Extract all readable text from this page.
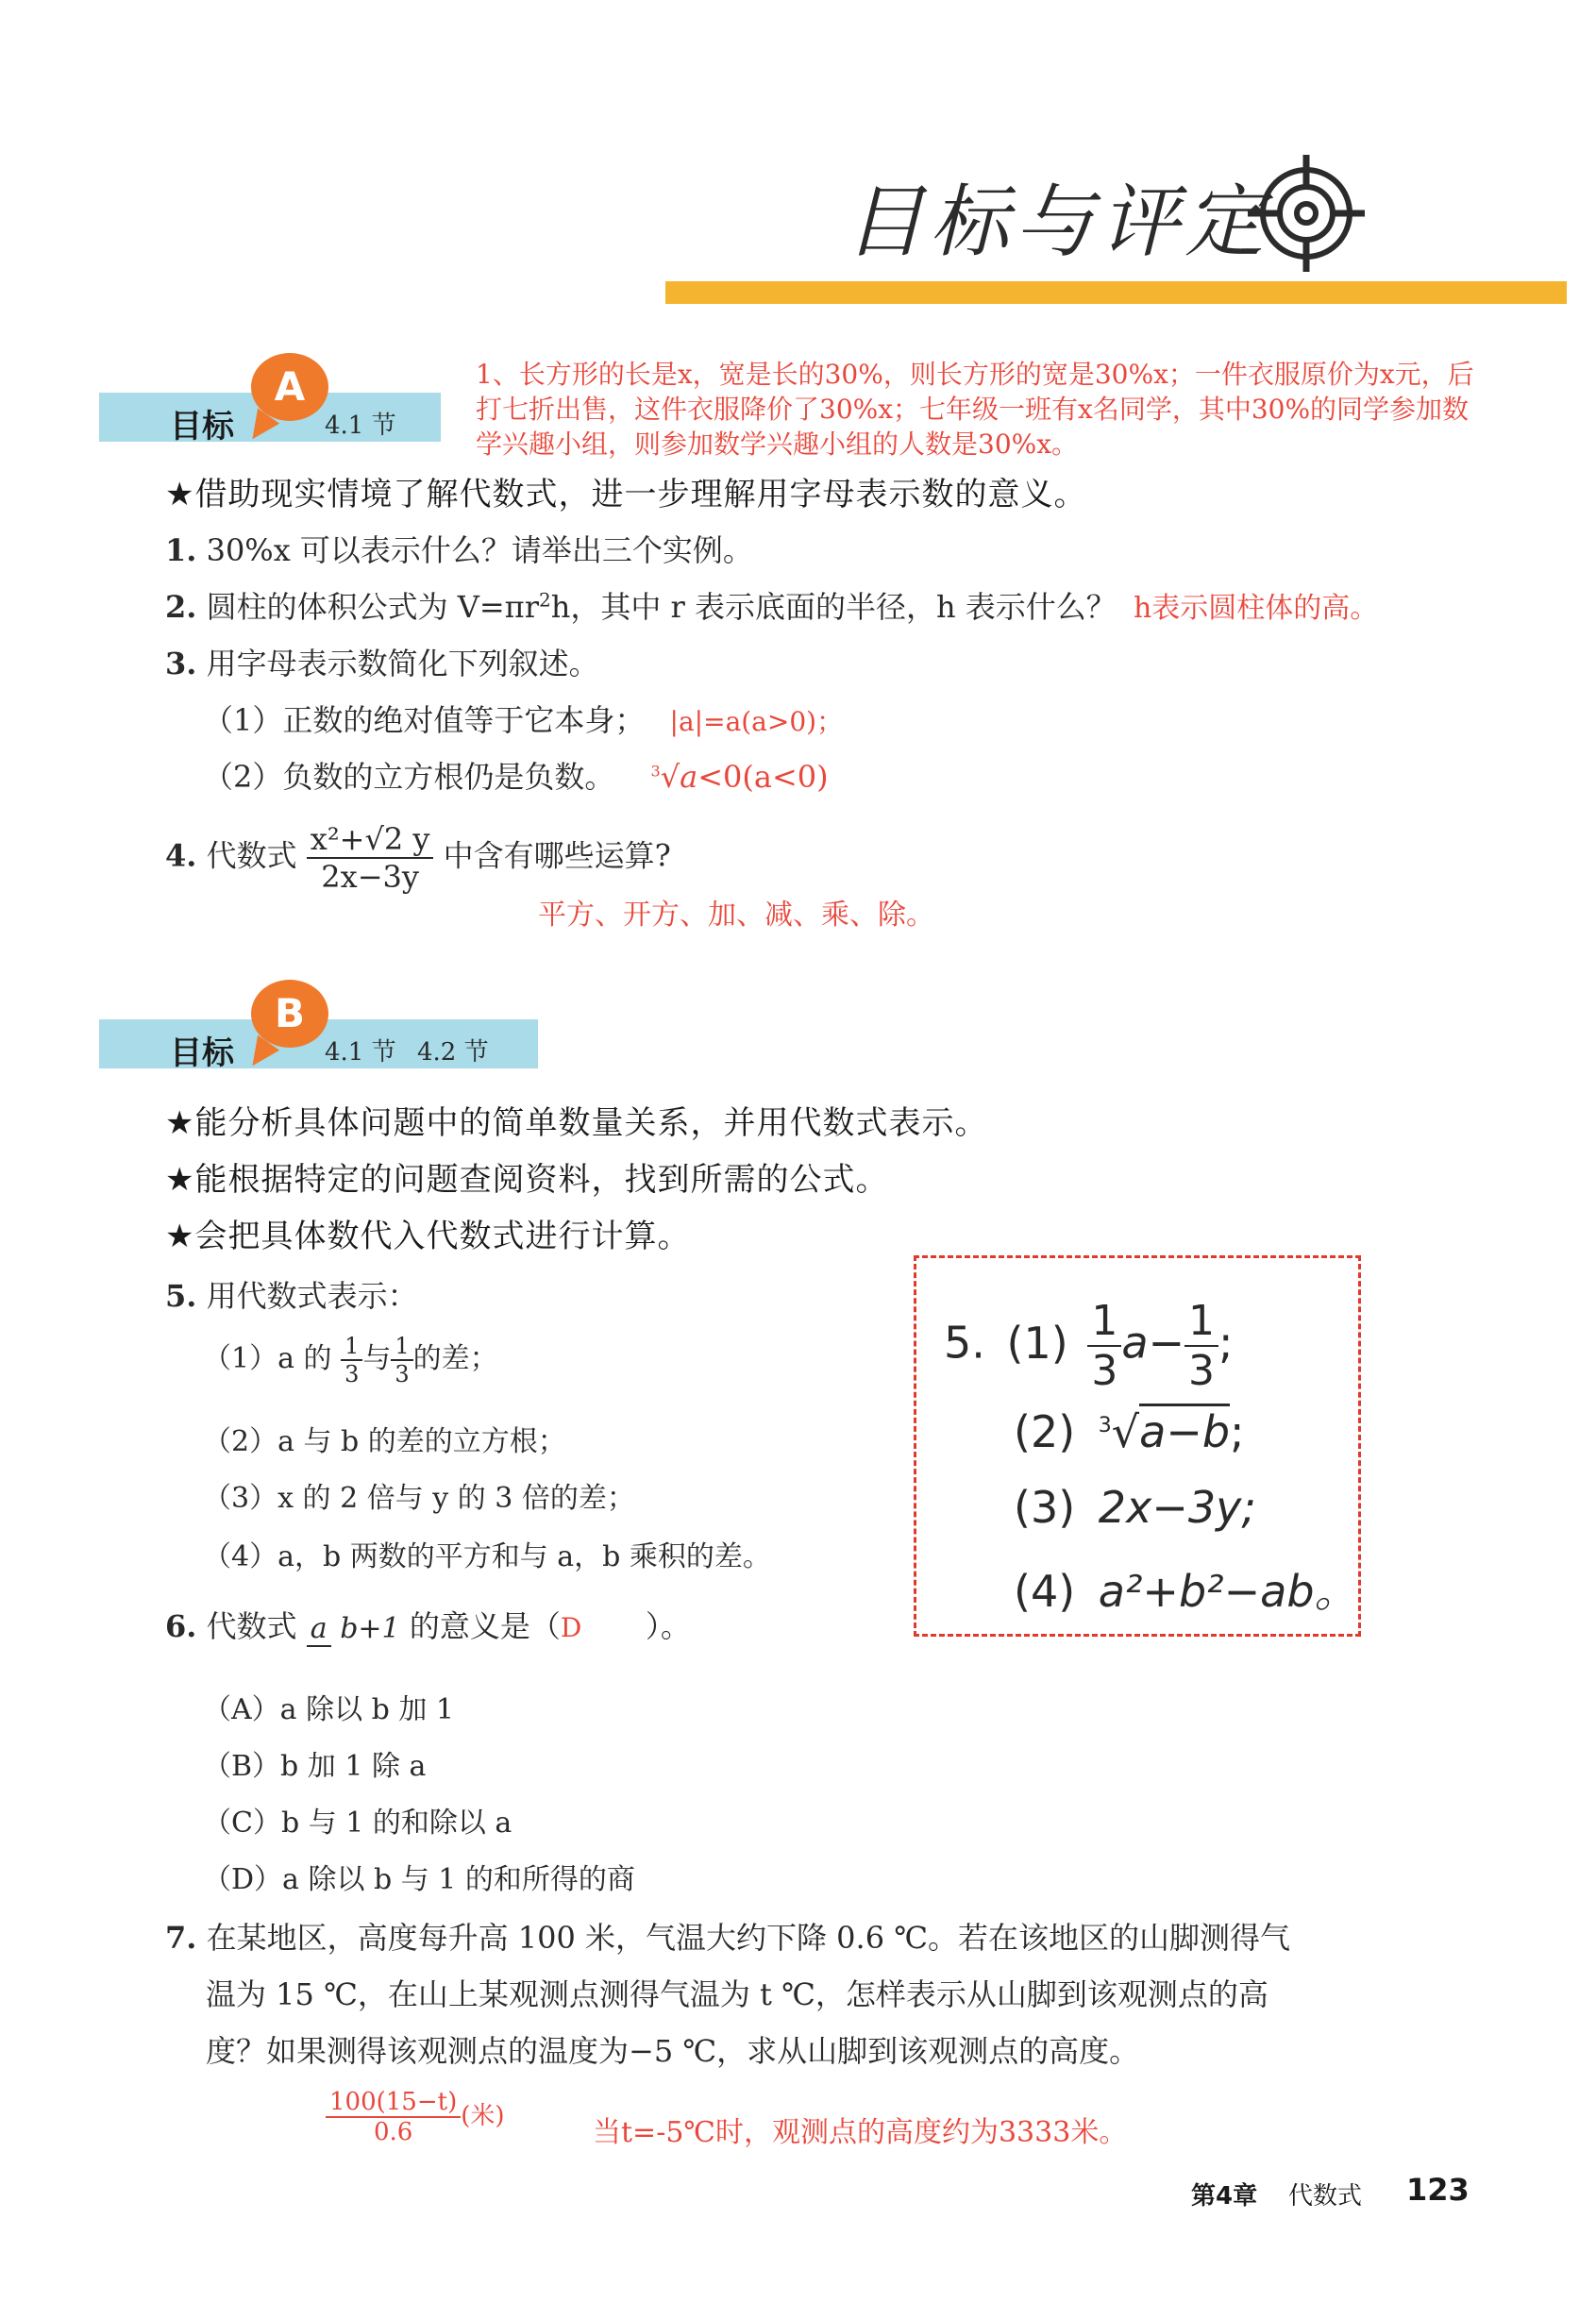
目标与评定
目标
A
4.1 节
1、长方形的长是x，宽是长的30%，则长方形的宽是30%x；一件衣服原价为x元，后打七折出售，这件衣服降价了30%x；七年级一班有x名同学，其中30%的同学参加数学兴趣小组，则参加数学兴趣小组的人数是30%x。
★借助现实情境了解代数式，进一步理解用字母表示数的意义。
1. 30%x 可以表示什么？请举出三个实例。
2. 圆柱的体积公式为 $V=\pi r^2h$，其中 r 表示底面的半径，h 表示什么？ h表示圆柱体的高。
3. 用字母表示数简化下列叙述。
（1）正数的绝对值等于它本身； |a|=a(a>0)；
（2）负数的立方根仍是负数。 $^3$√a<0(a<0)
4. 代数式 $\frac{\text{x²+√2 y}}{2x-3y}$ 中含有哪些运算?
平方、开方、加、减、乘、除。
目标
B
4.1 节 4.2 节
★能分析具体问题中的简单数量关系，并用代数式表示。
★能根据特定的问题查阅资料，找到所需的公式。
★会把具体数代入代数式进行计算。
5. 用代数式表示：
（1）a 的 $\frac{1}{3}$ 与 $\frac{1}{3}$ 的差；
（2）a 与 b 的差的立方根；
（3）x 的 2 倍与 y 的 3 倍的差；
（4）a，b 两数的平方和与 a，b 乘积的差。
5. $(1) \frac{1}{3} a- \frac{1}{3}$ ;
(2) $^3$√a−b;
(3) 2x−3y;
(4) a²+b²−ab。
6. 代数式 a b+1 的意义是（D ）。
（A）a 除以 b 加 1
（B）b 加 1 除 a
（C）b 与 1 的和除以 a
（D）a 除以 b 与 1 的和所得的商
7. 在某地区，高度每升高 100 米，气温大约下降 0.6 ℃。若在该地区的山脚测得气
温为 15 ℃，在山上某观测点测得气温为 t ℃，怎样表示从山脚到该观测点的高
度？如果测得该观测点的温度为−5 ℃，求从山脚到该观测点的高度。
$\frac{100(15-t)}{0.6}$ (米)	当t=-5℃时，观测点的高度约为3333米。
第4章 代数式 123
